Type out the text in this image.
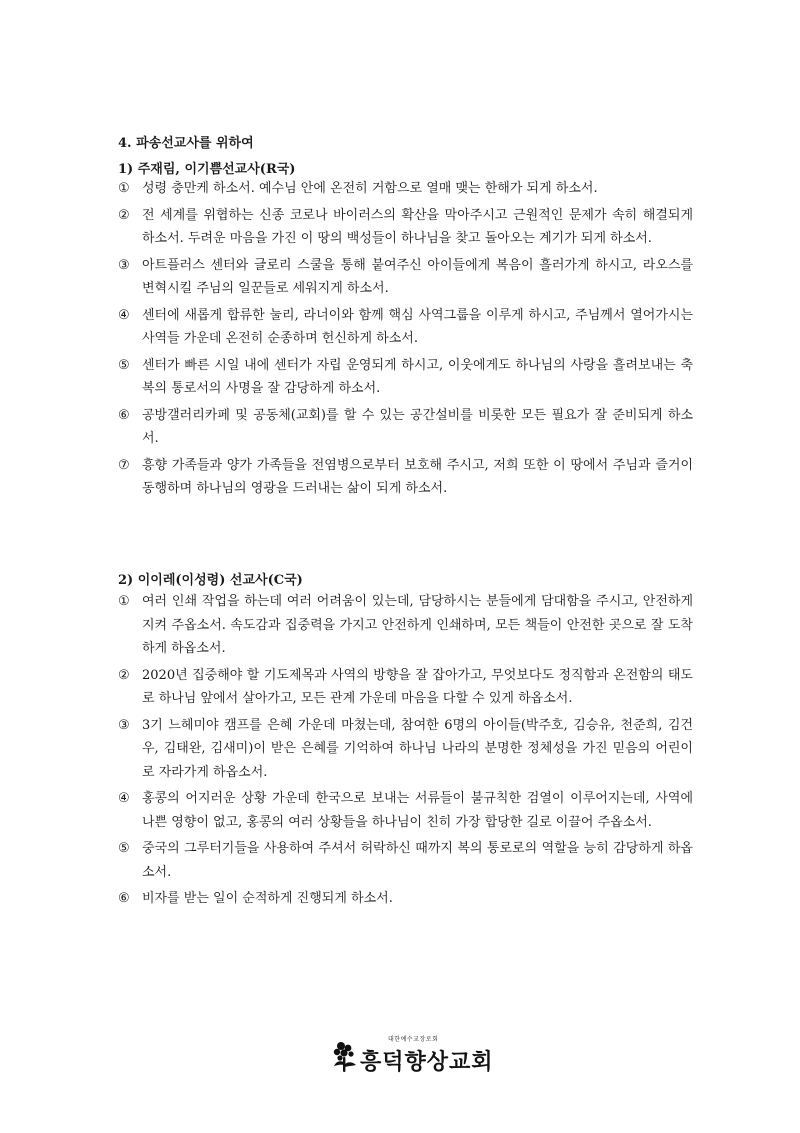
4. 파송선교사를 위하여
1) 주재림, 이기쁨선교사(R국)
① 성령 충만케 하소서. 예수님 안에 온전히 거함으로 열매 맺는 한해가 되게 하소서.
② 전 세계를 위협하는 신종 코로나 바이러스의 확산을 막아주시고 근원적인 문제가 속히 해결되게 하소서. 두려운 마음을 가진 이 땅의 백성들이 하나님을 찾고 돌아오는 계기가 되게 하소서.
③ 아트플러스 센터와 글로리 스쿨을 통해 붙여주신 아이들에게 복음이 흘러가게 하시고, 라오스를 변혁시킬 주님의 일꾼들로 세워지게 하소서.
④ 센터에 새롭게 합류한 눌리, 라너이와 함께 핵심 사역그룹을 이루게 하시고, 주님께서 열어가시는 사역들 가운데 온전히 순종하며 헌신하게 하소서.
⑤ 센터가 빠른 시일 내에 센터가 자립 운영되게 하시고, 이웃에게도 하나님의 사랑을 흘려보내는 축복의 통로서의 사명을 잘 감당하게 하소서.
⑥ 공방갤러리카페 및 공동체(교회)를 할 수 있는 공간설비를 비롯한 모든 필요가 잘 준비되게 하소서.
⑦ 흥향 가족들과 양가 가족들을 전염병으로부터 보호해 주시고, 저희 또한 이 땅에서 주님과 즐거이 동행하며 하나님의 영광을 드러내는 삶이 되게 하소서.
2) 이이레(이성령) 선교사(C국)
① 여러 인쇄 작업을 하는데 여러 어려움이 있는데, 담당하시는 분들에게 담대함을 주시고, 안전하게 지켜 주옵소서. 속도감과 집중력을 가지고 안전하게 인쇄하며, 모든 책들이 안전한 곳으로 잘 도착하게 하옵소서.
② 2020년 집중해야 할 기도제목과 사역의 방향을 잘 잡아가고, 무엇보다도 정직함과 온전함의 태도로 하나님 앞에서 살아가고, 모든 관계 가운데 마음을 다할 수 있게 하옵소서.
③ 3기 느헤미야 캠프를 은혜 가운데 마쳤는데, 참여한 6명의 아이들(박주호, 김승유, 천준희, 김건우, 김태완, 김새미)이 받은 은혜를 기억하여 하나님 나라의 분명한 정체성을 가진 믿음의 어린이로 자라가게 하옵소서.
④ 홍콩의 어지러운 상황 가운데 한국으로 보내는 서류들이 불규칙한 검열이 이루어지는데, 사역에 나쁜 영향이 없고, 홍콩의 여러 상황들을 하나님이 친히 가장 합당한 길로 이끌어 주옵소서.
⑤ 중국의 그루터기들을 사용하여 주셔서 허락하신 때까지 복의 통로로의 역할을 능히 감당하게 하옵소서.
⑥ 비자를 받는 일이 순적하게 진행되게 하소서.
대한예수교장로회
흥덕향상교회
